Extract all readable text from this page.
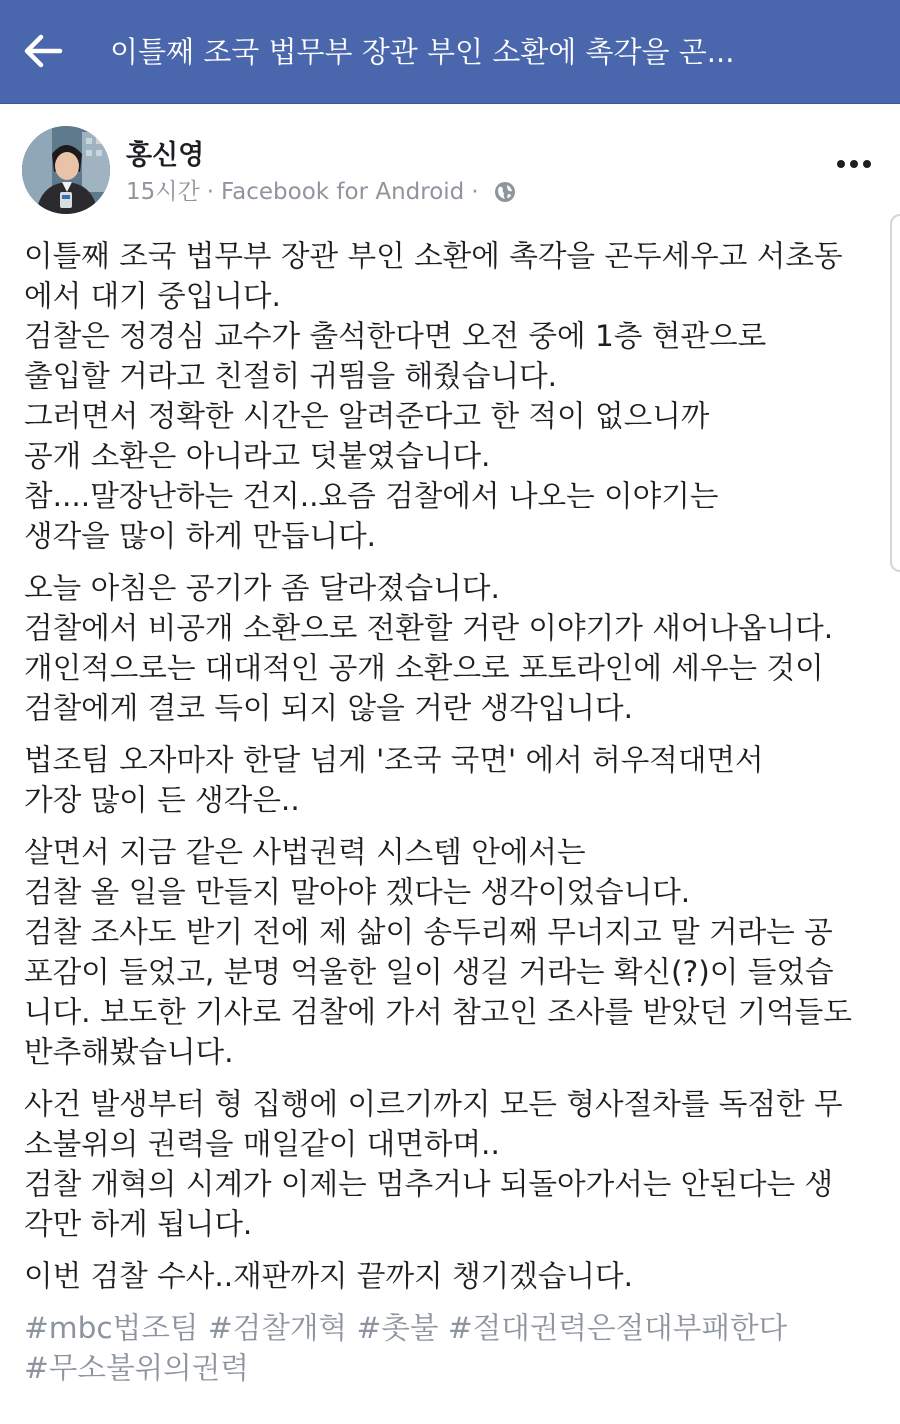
이틀째 조국 법무부 장관 부인 소환에 촉각을 곤...
홍신영
15시간 · Facebook for Android ·
이틀째 조국 법무부 장관 부인 소환에 촉각을 곤두세우고 서초동
에서 대기 중입니다.
검찰은 정경심 교수가 출석한다면 오전 중에 1층 현관으로
출입할 거라고 친절히 귀띔을 해줬습니다.
그러면서 정확한 시간은 알려준다고 한 적이 없으니까
공개 소환은 아니라고 덧붙였습니다.
참....말장난하는 건지..요즘 검찰에서 나오는 이야기는
생각을 많이 하게 만듭니다.
오늘 아침은 공기가 좀 달라졌습니다.
검찰에서 비공개 소환으로 전환할 거란 이야기가 새어나옵니다.
개인적으로는 대대적인 공개 소환으로 포토라인에 세우는 것이
검찰에게 결코 득이 되지 않을 거란 생각입니다.
법조팀 오자마자 한달 넘게 '조국 국면' 에서 허우적대면서
가장 많이 든 생각은..
살면서 지금 같은 사법권력 시스템 안에서는
검찰 올 일을 만들지 말아야 겠다는 생각이었습니다.
검찰 조사도 받기 전에 제 삶이 송두리째 무너지고 말 거라는 공
포감이 들었고, 분명 억울한 일이 생길 거라는 확신(?)이 들었습
니다. 보도한 기사로 검찰에 가서 참고인 조사를 받았던 기억들도
반추해봤습니다.
사건 발생부터 형 집행에 이르기까지 모든 형사절차를 독점한 무
소불위의 권력을 매일같이 대면하며..
검찰 개혁의 시계가 이제는 멈추거나 되돌아가서는 안된다는 생
각만 하게 됩니다.
이번 검찰 수사..재판까지 끝까지 챙기겠습니다.
#mbc법조팀 #검찰개혁 #촛불 #절대권력은절대부패한다 #무소불위의권력
